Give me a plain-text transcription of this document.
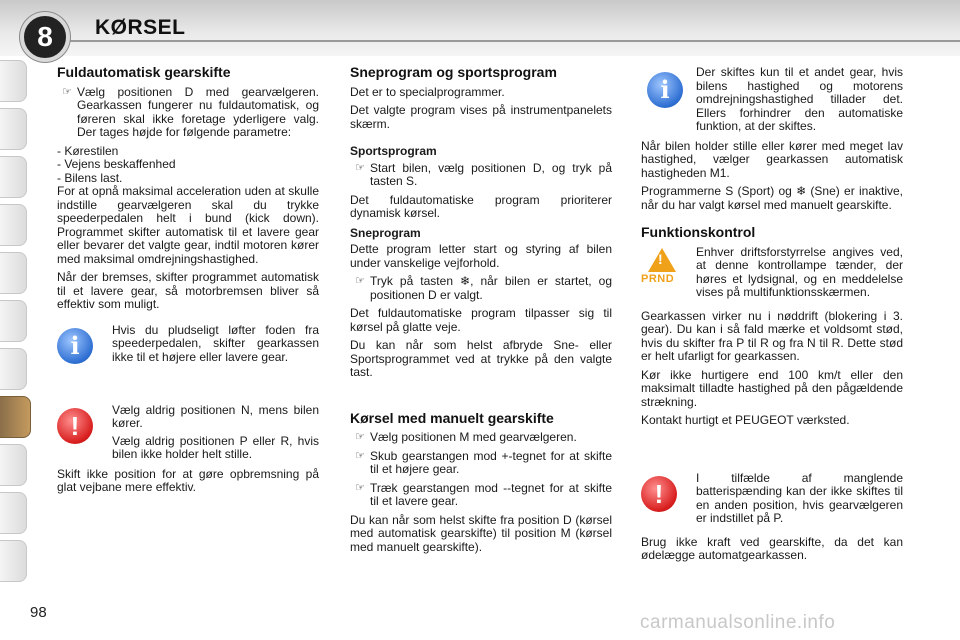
8	KØRSEL
Fuldautomatisk gearskifte
☞ Vælg positionen D med gearvælgeren. Gearkassen fungerer nu fuldautomatisk, og føreren skal ikke foretage yderligere valg. Der tages højde for følgende parametre:

- Kørestilen

- Vejens beskaffenhed

- Bilens last.

For at opnå maksimal acceleration uden at skulle indstille gearvælgeren skal du trykke speederpedalen helt i bund (kick down). Programmet skifter automatisk til et lavere gear eller bevarer det valgte gear, indtil motoren kører med maksimal omdrejningshastighed.

Når der bremses, skifter programmet automatisk til et lavere gear, så motorbremsen bliver så effektiv som muligt.

i

Hvis du pludseligt løfter foden fra speederpedalen, skifter gearkassen ikke til et højere eller lavere gear.

!

Vælg aldrig positionen N, mens bilen kører.

Vælg aldrig positionen P eller R, hvis bilen ikke holder helt stille.

Skift ikke position for at gøre opbremsning på glat vejbane mere effektiv.

Sneprogram og sportsprogram

Det er to specialprogrammer.

Det valgte program vises på instrumentpanelets skærm.

Sportsprogram
☞ Start bilen, vælg positionen D, og tryk på tasten S.

Det fuldautomatiske program prioriterer dynamisk kørsel.

Sneprogram

Dette program letter start og styring af bilen under vanskelige vejforhold.

☞ Tryk på tasten ❄, når bilen er startet, og positionen D er valgt.

Det fuldautomatiske program tilpasser sig til kørsel på glatte veje.

Du kan når som helst afbryde Sne- eller Sportsprogrammet ved at trykke på den valgte tast.

Kørsel med manuelt gearskifte
☞ Vælg positionen M med gearvælgeren.
☞ Skub gearstangen mod +-tegnet for at skifte til et højere gear.
☞ Træk gearstangen mod --tegnet for at skifte til et lavere gear.

Du kan når som helst skifte fra position D (kørsel med automatisk gearskifte) til position M (kørsel med manuelt gearskifte).

i

Der skiftes kun til et andet gear, hvis bilens hastighed og motorens omdrejningshastighed tillader det. Ellers forhindrer den automatiske funktion, at der skiftes.

Når bilen holder stille eller kører med meget lav hastighed, vælger gearkassen automatisk hastigheden M1.

Programmerne S (Sport) og ❄ (Sne) er inaktive, når du har valgt kørsel med manuelt gearskifte.

Funktionskontrol
!
PRND

Enhver driftsforstyrrelse angives ved, at denne kontrollampe tænder, der høres et lydsignal, og en meddelelse vises på multifunktionsskærmen.

Gearkassen virker nu i nøddrift (blokering i 3. gear). Du kan i så fald mærke et voldsomt stød, hvis du skifter fra P til R og fra N til R. Dette stød er helt ufarligt for gearkassen.

Kør ikke hurtigere end 100 km/t eller den maksimalt tilladte hastighed på den pågældende strækning.

Kontakt hurtigt et PEUGEOT værksted.

!

I tilfælde af manglende batterispænding kan der ikke skiftes til en anden position, hvis gearvælgeren er indstillet på P.

Brug ikke kraft ved gearskifte, da det kan ødelægge automatgearkassen.

98	carmanualsonline.info
